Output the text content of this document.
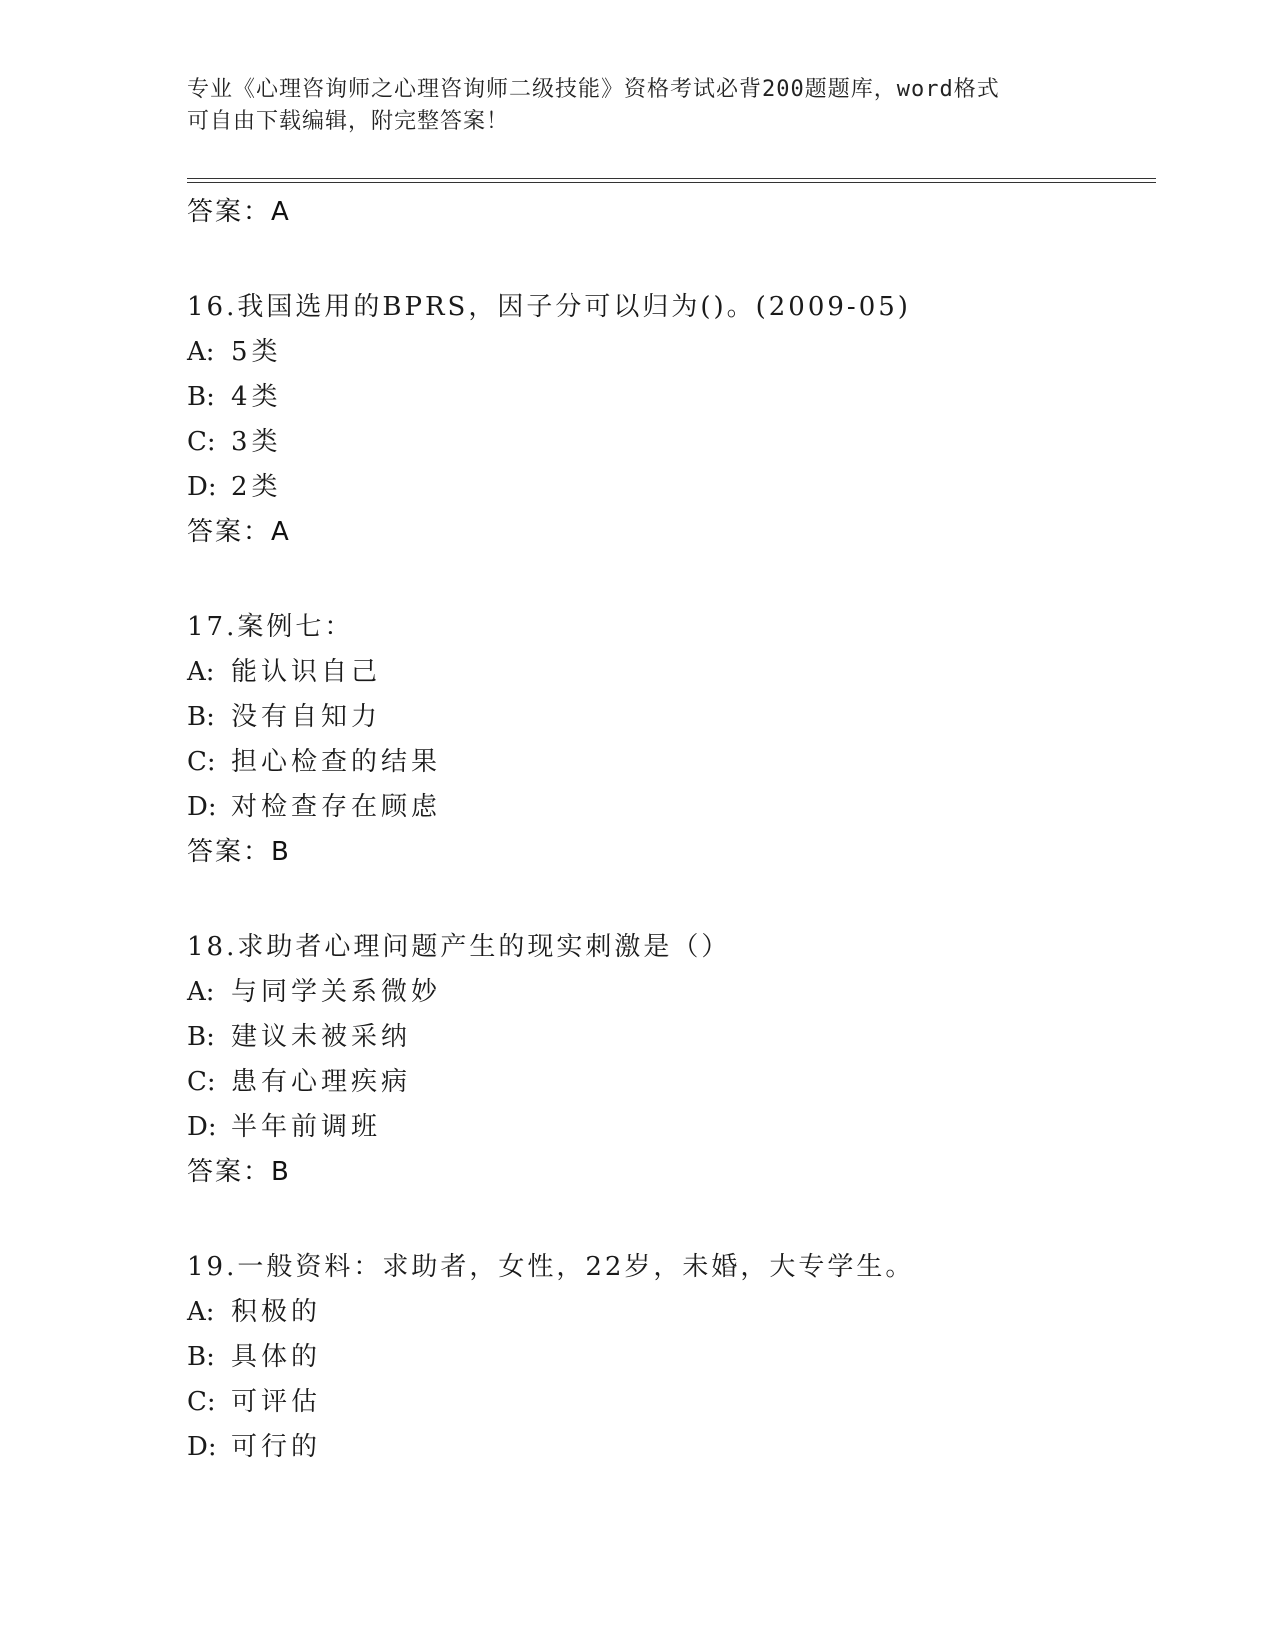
专业《心理咨询师之心理咨询师二级技能》资格考试必背200题题库，word格式
可自由下载编辑，附完整答案！
答案：A
16.我国选用的BPRS，因子分可以归为()。(2009-05)
A: 5类
B: 4类
C: 3类
D: 2类
答案：A
17.案例七：
A: 能认识自己
B: 没有自知力
C: 担心检查的结果
D: 对检查存在顾虑
答案：B
18.求助者心理问题产生的现实刺激是（）
A: 与同学关系微妙
B: 建议未被采纳
C: 患有心理疾病
D: 半年前调班
答案：B
19.一般资料：求助者，女性，22岁，未婚，大专学生。
A: 积极的
B: 具体的
C: 可评估
D: 可行的
